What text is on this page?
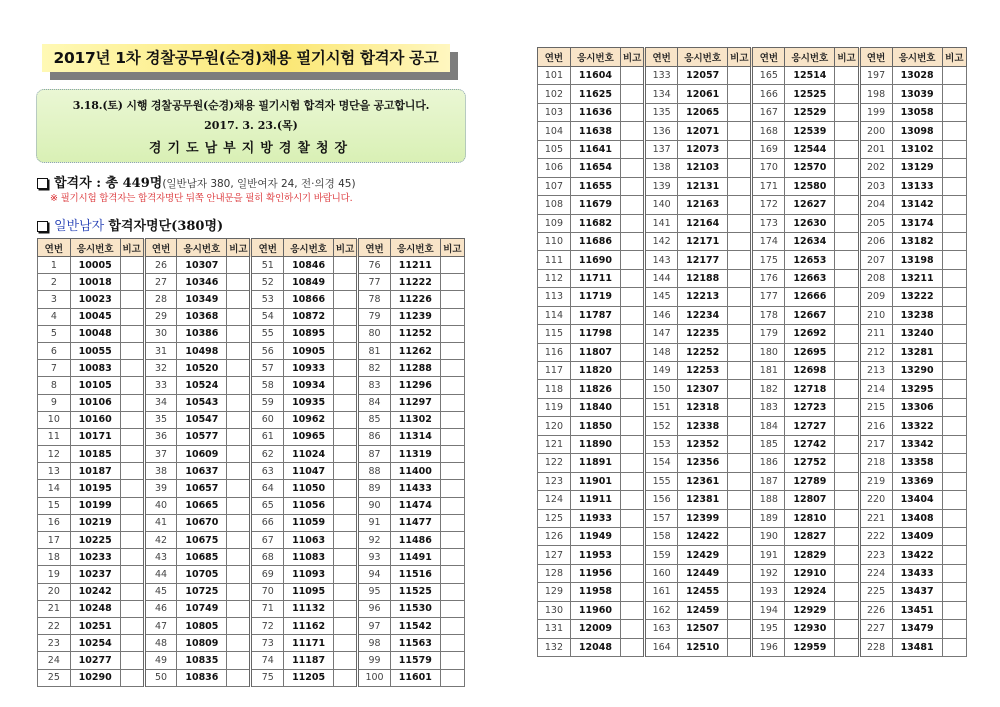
2017년 1차 경찰공무원(순경)채용 필기시험 합격자 공고
3.18.(토) 시행 경찰공무원(순경)채용 필기시험 합격자 명단을 공고합니다.
2017. 3. 23.(목)
경기도남부지방경찰청장
합격자 : 총 449명(일반남자 380, 일반여자 24, 전·의경 45)
※ 필기시험 합격자는 합격자명단 뒤쪽 안내문을 필히 확인하시기 바랍니다.
일반남자 합격자명단(380명)
연번	응시번호	비고	연번	응시번호	비고	연번	응시번호	비고	연번	응시번호	비고
1	10005		26	10307		51	10846		76	11211	
2	10018		27	10346		52	10849		77	11222	
3	10023		28	10349		53	10866		78	11226	
4	10045		29	10368		54	10872		79	11239	
5	10048		30	10386		55	10895		80	11252	
6	10055		31	10498		56	10905		81	11262	
7	10083		32	10520		57	10933		82	11288	
8	10105		33	10524		58	10934		83	11296	
9	10106		34	10543		59	10935		84	11297	
10	10160		35	10547		60	10962		85	11302	
11	10171		36	10577		61	10965		86	11314	
12	10185		37	10609		62	11024		87	11319	
13	10187		38	10637		63	11047		88	11400	
14	10195		39	10657		64	11050		89	11433	
15	10199		40	10665		65	11056		90	11474	
16	10219		41	10670		66	11059		91	11477	
17	10225		42	10675		67	11063		92	11486	
18	10233		43	10685		68	11083		93	11491	
19	10237		44	10705		69	11093		94	11516	
20	10242		45	10725		70	11095		95	11525	
21	10248		46	10749		71	11132		96	11530	
22	10251		47	10805		72	11162		97	11542	
23	10254		48	10809		73	11171		98	11563	
24	10277		49	10835		74	11187		99	11579	
25	10290		50	10836		75	11205		100	11601	
연번	응시번호	비고	연번	응시번호	비고	연번	응시번호	비고	연번	응시번호	비고
101	11604		133	12057		165	12514		197	13028	
102	11625		134	12061		166	12525		198	13039	
103	11636		135	12065		167	12529		199	13058	
104	11638		136	12071		168	12539		200	13098	
105	11641		137	12073		169	12544		201	13102	
106	11654		138	12103		170	12570		202	13129	
107	11655		139	12131		171	12580		203	13133	
108	11679		140	12163		172	12627		204	13142	
109	11682		141	12164		173	12630		205	13174	
110	11686		142	12171		174	12634		206	13182	
111	11690		143	12177		175	12653		207	13198	
112	11711		144	12188		176	12663		208	13211	
113	11719		145	12213		177	12666		209	13222	
114	11787		146	12234		178	12667		210	13238	
115	11798		147	12235		179	12692		211	13240	
116	11807		148	12252		180	12695		212	13281	
117	11820		149	12253		181	12698		213	13290	
118	11826		150	12307		182	12718		214	13295	
119	11840		151	12318		183	12723		215	13306	
120	11850		152	12338		184	12727		216	13322	
121	11890		153	12352		185	12742		217	13342	
122	11891		154	12356		186	12752		218	13358	
123	11901		155	12361		187	12789		219	13369	
124	11911		156	12381		188	12807		220	13404	
125	11933		157	12399		189	12810		221	13408	
126	11949		158	12422		190	12827		222	13409	
127	11953		159	12429		191	12829		223	13422	
128	11956		160	12449		192	12910		224	13433	
129	11958		161	12455		193	12924		225	13437	
130	11960		162	12459		194	12929		226	13451	
131	12009		163	12507		195	12930		227	13479	
132	12048		164	12510		196	12959		228	13481	
